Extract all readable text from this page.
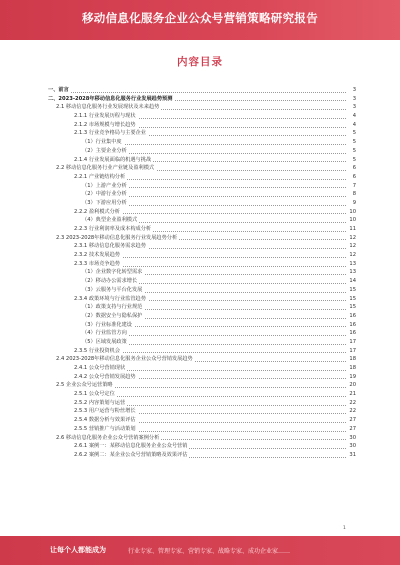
移动信息化服务企业公众号营销策略研究报告
内容目录
一、前言	3
二、2023-2028年移动信息化服务行业发展趋势预测	3
2.1 移动信息化服务行业发展现状及未来趋势	3
2.1.1 行业发展历程与现状	4
2.1.2 市场规模与增长趋势	4
2.1.3 行业竞争格局与主要企业	5
（1）行业集中度	5
（2）主要企业分析	5
2.1.4 行业发展面临的机遇与挑战	5
2.2 移动信息化服务行业产业链及盈利模式	6
2.2.1 产业链结构分析	6
（1）上游产业分析	7
（2）中游行业分析	8
（3）下游应用分析	9
2.2.2 盈利模式分析	10
（4）典型企业盈利模式	10
2.2.3 行业利润率及成本构成分析	11
2.3 2023-2028年移动信息化服务行业发展趋势分析	12
2.3.1 移动信息化服务需求趋势	12
2.3.2 技术发展趋势	12
2.3.3 市场竞争趋势	13
（1）企业数字化转型需求	13
（2）移动办公需求增长	14
（3）云服务与平台化发展	15
2.3.4 政策环境与行业监管趋势	15
（1）政策支持与行业规范	15
（2）数据安全与隐私保护	16
（3）行业标准化建设	16
（4）行业监管方向	16
（5）区域发展政策	17
2.3.5 行业投资机会	17
2.4 2023-2028年移动信息化服务企业公众号营销发展趋势	18
2.4.1 公众号营销现状	18
2.4.2 公众号营销发展趋势	19
2.5 企业公众号运营策略	20
2.5.1 公众号定位	21
2.5.2 内容策划与运营	22
2.5.3 用户运营与粉丝增长	22
2.5.4 数据分析与效果评估	27
2.5.5 营销推广与活动策划	27
2.6 移动信息化服务企业公众号营销案例分析	30
2.6.1 案例一：某移动信息化服务企业公众号营销	30
2.6.2 案例二：某企业公众号营销策略及效果评估	31
1
让每个人都能成为	行业专家、管理专家、营销专家、战略专家、成功企业家……
